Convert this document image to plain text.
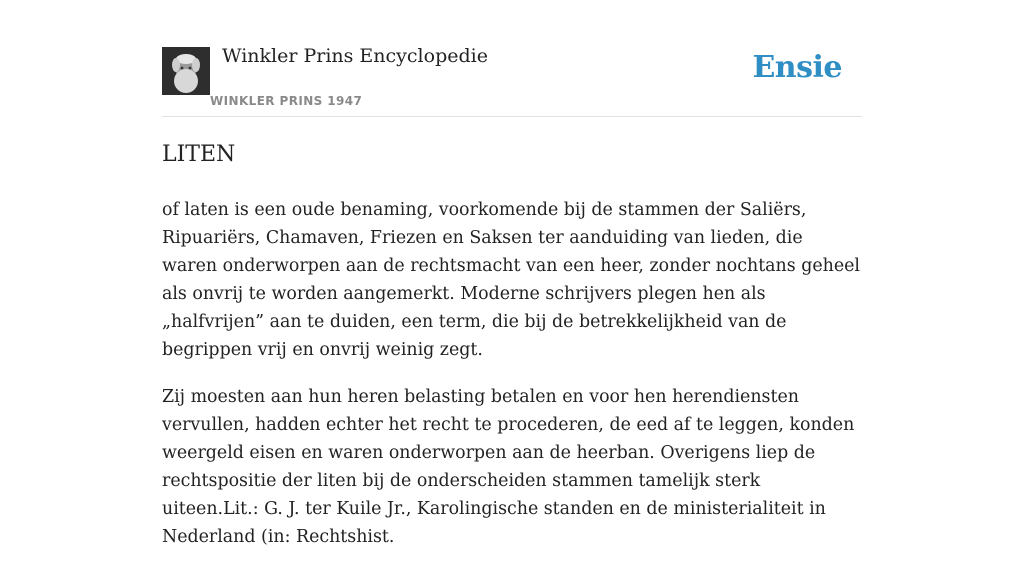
Winkler Prins Encyclopedie
WINKLER PRINS 1947
Ensie
LITEN

of laten is een oude benaming, voorkomende bij de stammen der Saliërs, Ripuariërs, Chamaven, Friezen en Saksen ter aanduiding van lieden, die waren onderworpen aan de rechtsmacht van een heer, zonder nochtans geheel als onvrij te worden aangemerkt. Moderne schrijvers plegen hen als „halfvrijen” aan te duiden, een term, die bij de betrekkelijkheid van de begrippen vrij en onvrij weinig zegt.

Zij moesten aan hun heren belasting betalen en voor hen herendiensten vervullen, hadden echter het recht te procederen, de eed af te leggen, konden weergeld eisen en waren onderworpen aan de heerban. Overigens liep de rechtspositie der liten bij de onderscheiden stammen tamelijk sterk uiteen.Lit.: G. J. ter Kuile Jr., Karolingische standen en de ministerialiteit in Nederland (in: Rechtshist.
